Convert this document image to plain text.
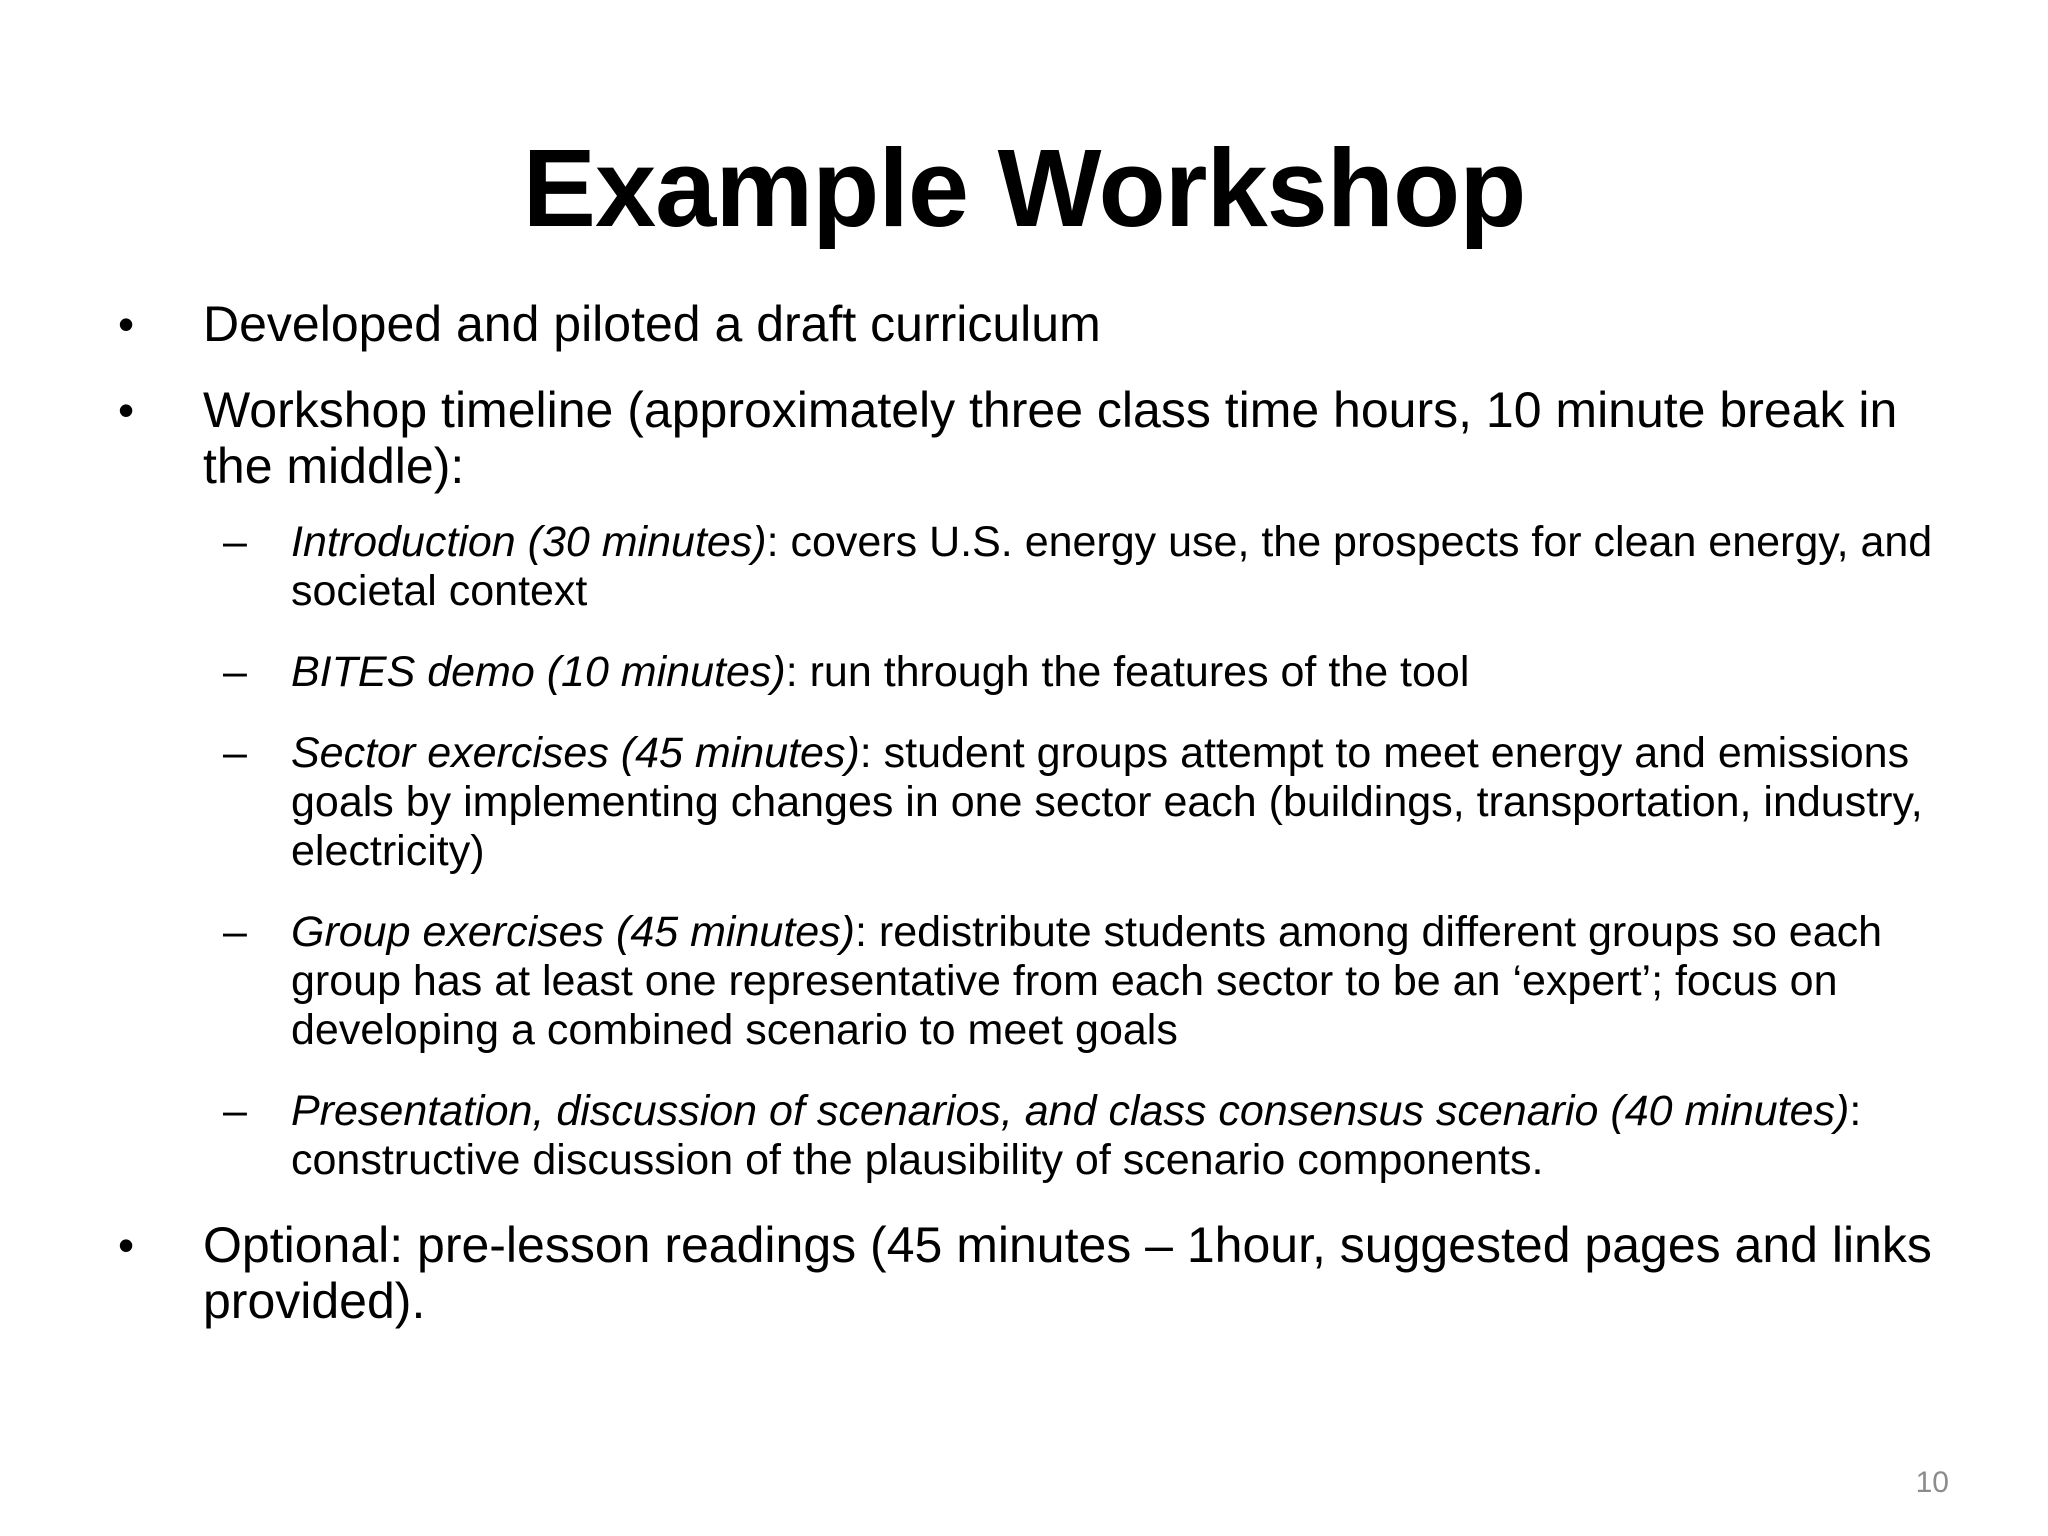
Example Workshop
•	Developed and piloted a draft curriculum
•	Workshop timeline (approximately three class time hours, 10 minute break in the middle):
–	Introduction (30 minutes): covers U.S. energy use, the prospects for clean energy, and societal context
–	BITES demo (10 minutes): run through the features of the tool
–	Sector exercises (45 minutes): student groups attempt to meet energy and emissions goals by implementing changes in one sector each (buildings, transportation, industry, electricity)
–	Group exercises (45 minutes): redistribute students among different groups so each group has at least one representative from each sector to be an ‘expert’; focus on developing a combined scenario to meet goals
–	Presentation, discussion of scenarios, and class consensus scenario (40 minutes): constructive discussion of the plausibility of scenario components.
•	Optional: pre-lesson readings (45 minutes – 1hour, suggested pages and links provided).
10
